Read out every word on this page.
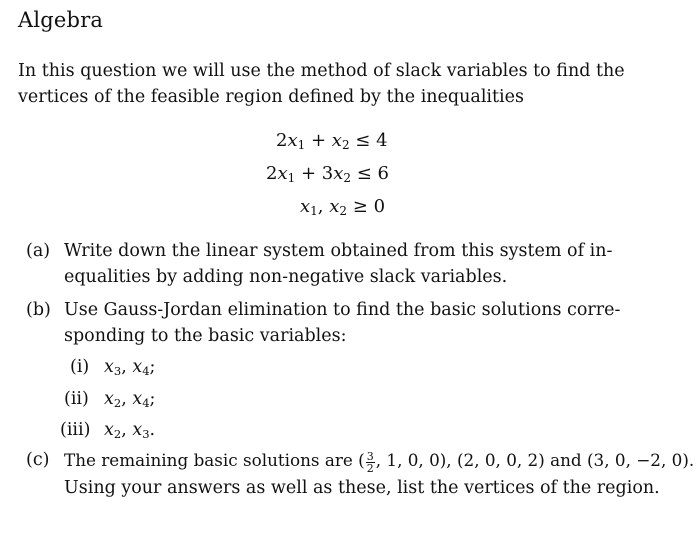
Algebra
In this question we will use the method of slack variables to find the
vertices of the feasible region defined by the inequalities
$2x_1 + x_2 \le 4$
$2x_1 + 3x_2 \le 6$
$x_1$, $x_2 \ge 0$
(a) Write down the linear system obtained from this system of in-
equalities by adding non-negative slack variables.
(b) Use Gauss-Jordan elimination to find the basic solutions corre-
sponding to the basic variables:
(i) $x_3$, $x_4$;
(ii) $x_2$, $x_4$;
(iii) $x_2$, $x_3$.
(c) The remaining basic solutions are ( $\frac{3}{2}$ , 1, 0, 0), (2, 0, 0, 2) and (3, 0, −2, 0).
Using your answers as well as these, list the vertices of the region.
